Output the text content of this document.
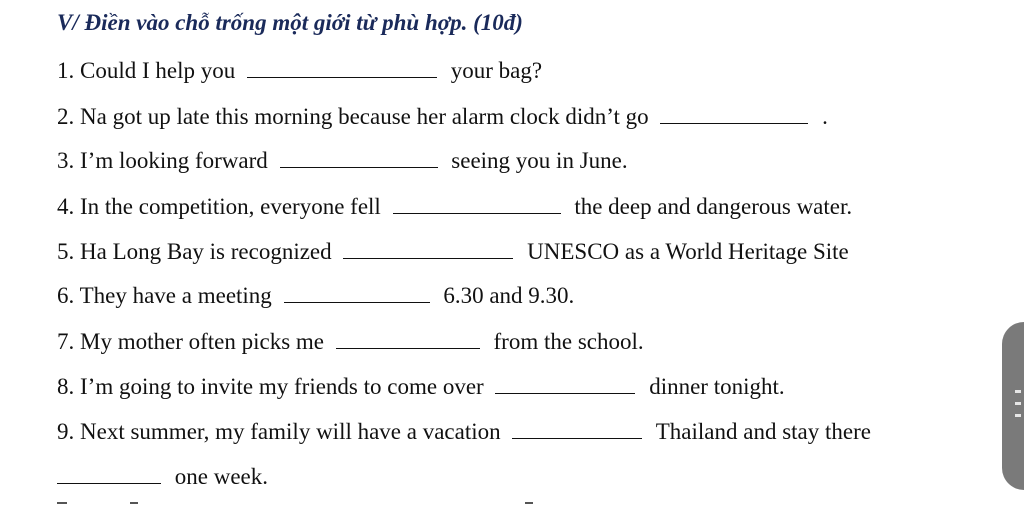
V/ Điền vào chỗ trống một giới từ phù hợp. (10đ)
1. Could I help you	your bag?
2. Na got up late this morning because her alarm clock didn’t go	.
3. I’m looking forward	seeing you in June.
4. In the competition, everyone fell	the deep and dangerous water.
5. Ha Long Bay is recognized	UNESCO as a World Heritage Site
6. They have a meeting	6.30 and 9.30.
7. My mother often picks me	from the school.
8. I’m going to invite my friends to come over	dinner tonight.
9. Next summer, my family will have a vacation	Thailand and stay there
one week.
